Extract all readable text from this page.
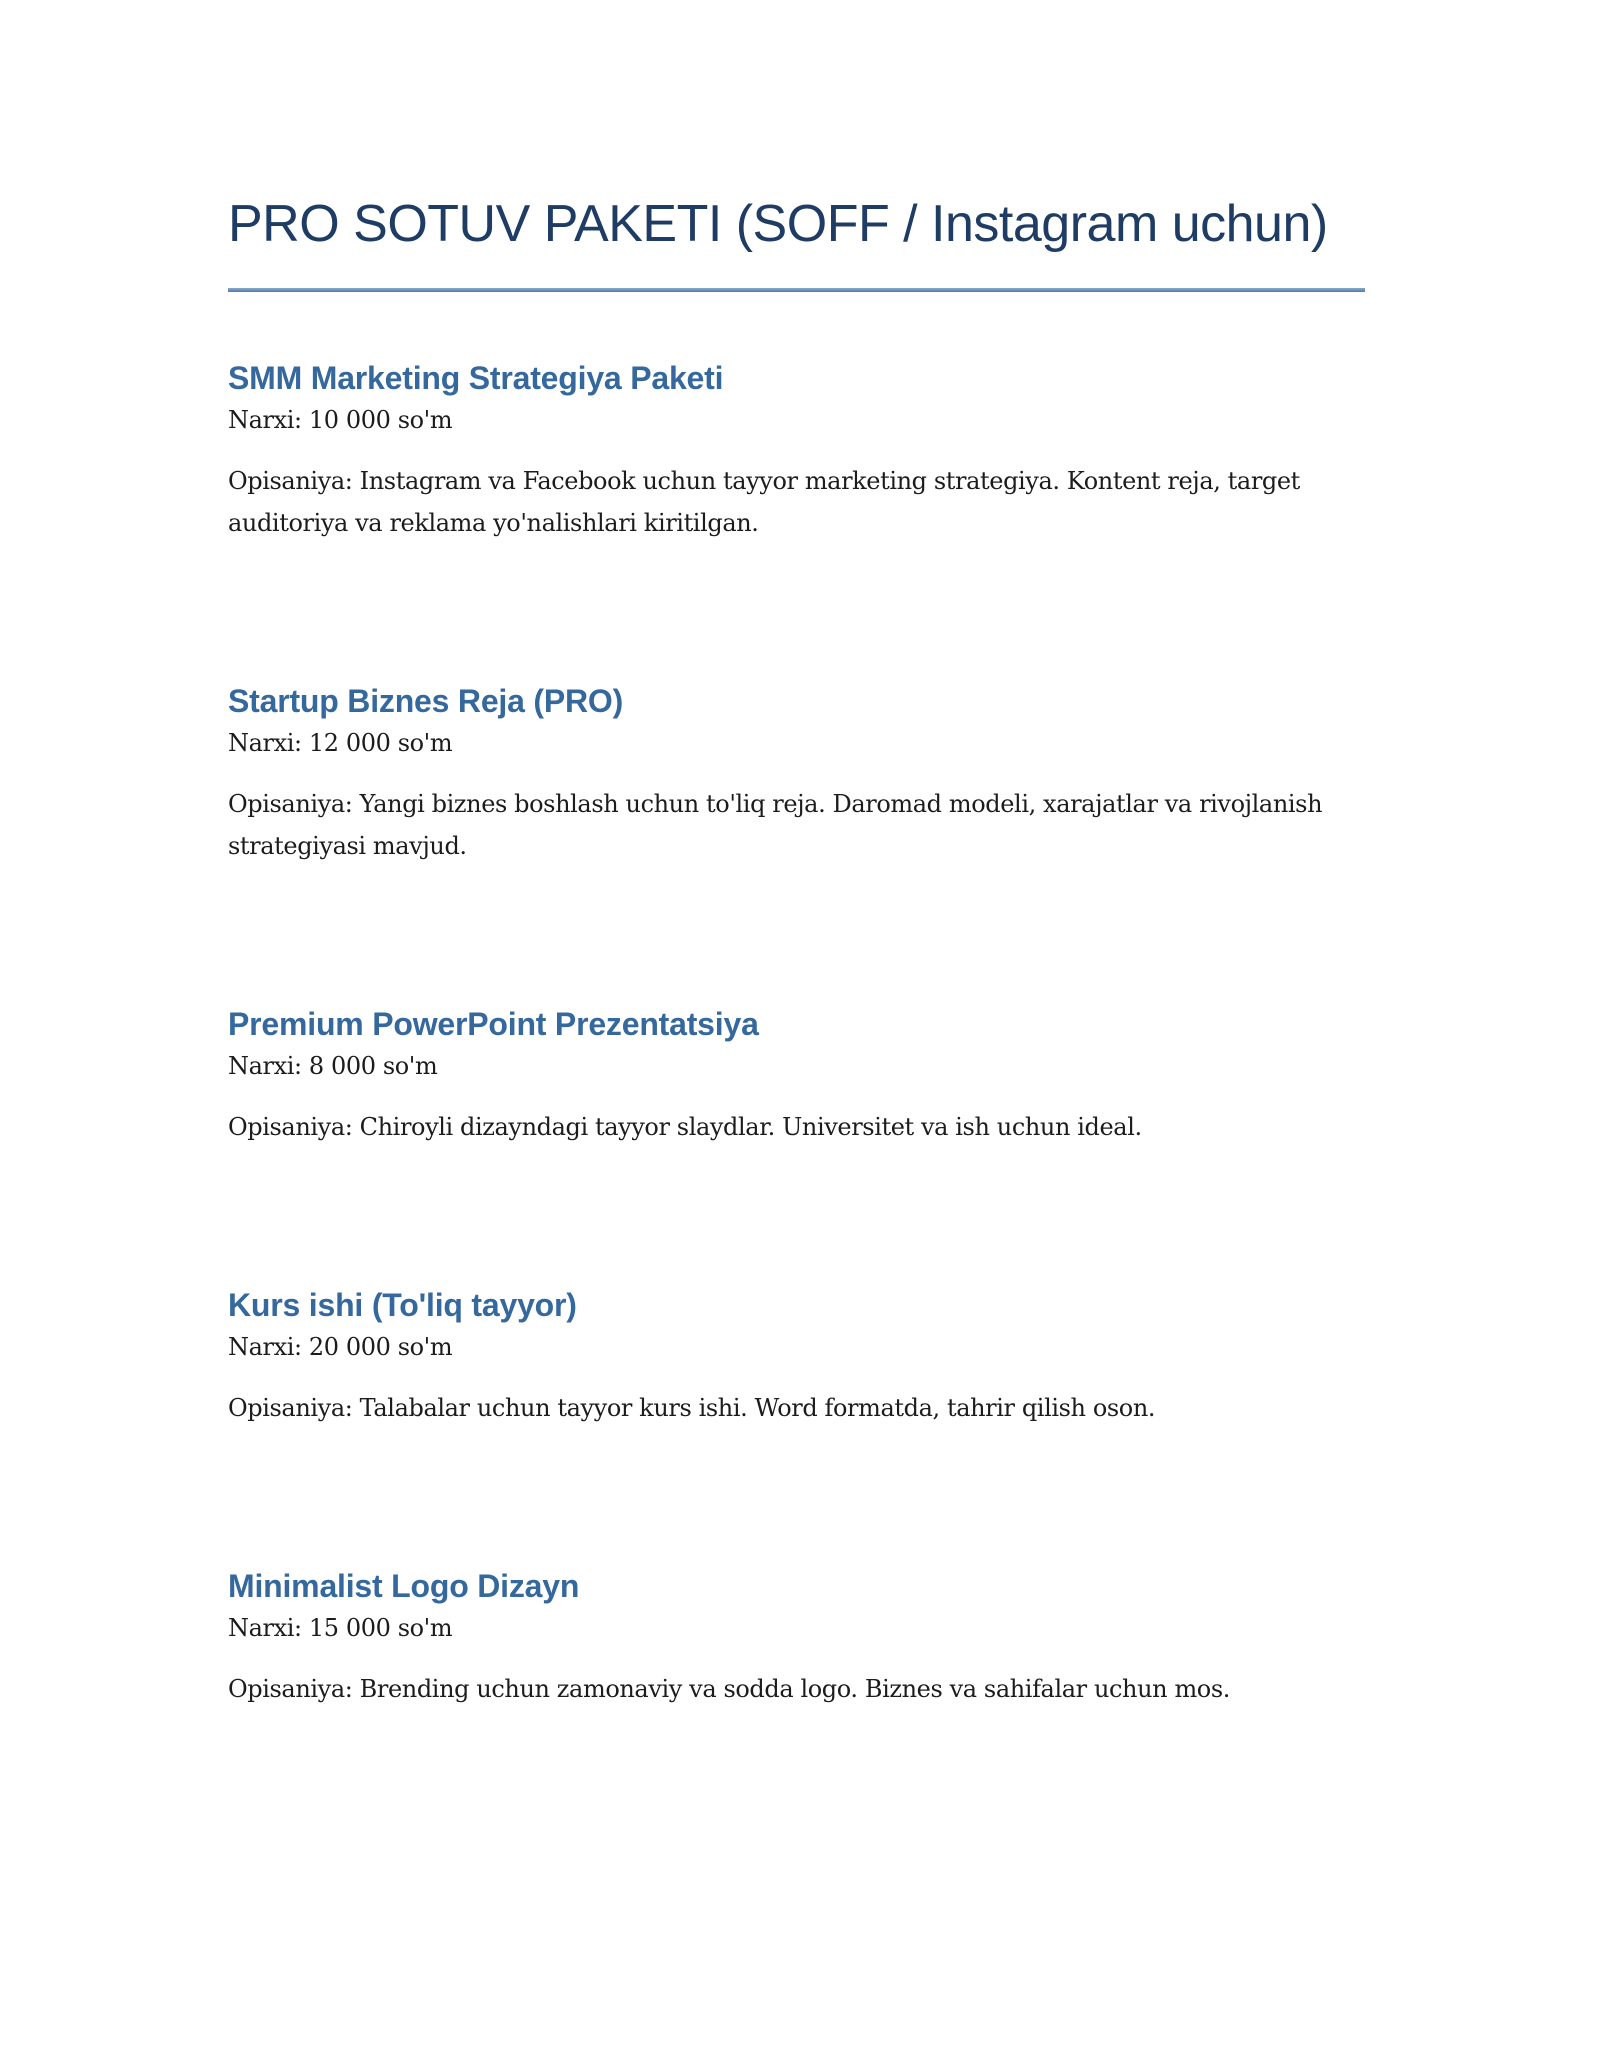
PRO SOTUV PAKETI (SOFF / Instagram uchun)
SMM Marketing Strategiya Paketi

Narxi: 10 000 so'm

Opisaniya: Instagram va Facebook uchun tayyor marketing strategiya. Kontent reja, target auditoriya va reklama yo'nalishlari kiritilgan.

Startup Biznes Reja (PRO)

Narxi: 12 000 so'm

Opisaniya: Yangi biznes boshlash uchun to'liq reja. Daromad modeli, xarajatlar va rivojlanish strategiyasi mavjud.

Premium PowerPoint Prezentatsiya

Narxi: 8 000 so'm

Opisaniya: Chiroyli dizayndagi tayyor slaydlar. Universitet va ish uchun ideal.

Kurs ishi (To'liq tayyor)

Narxi: 20 000 so'm

Opisaniya: Talabalar uchun tayyor kurs ishi. Word formatda, tahrir qilish oson.

Minimalist Logo Dizayn

Narxi: 15 000 so'm

Opisaniya: Brending uchun zamonaviy va sodda logo. Biznes va sahifalar uchun mos.
